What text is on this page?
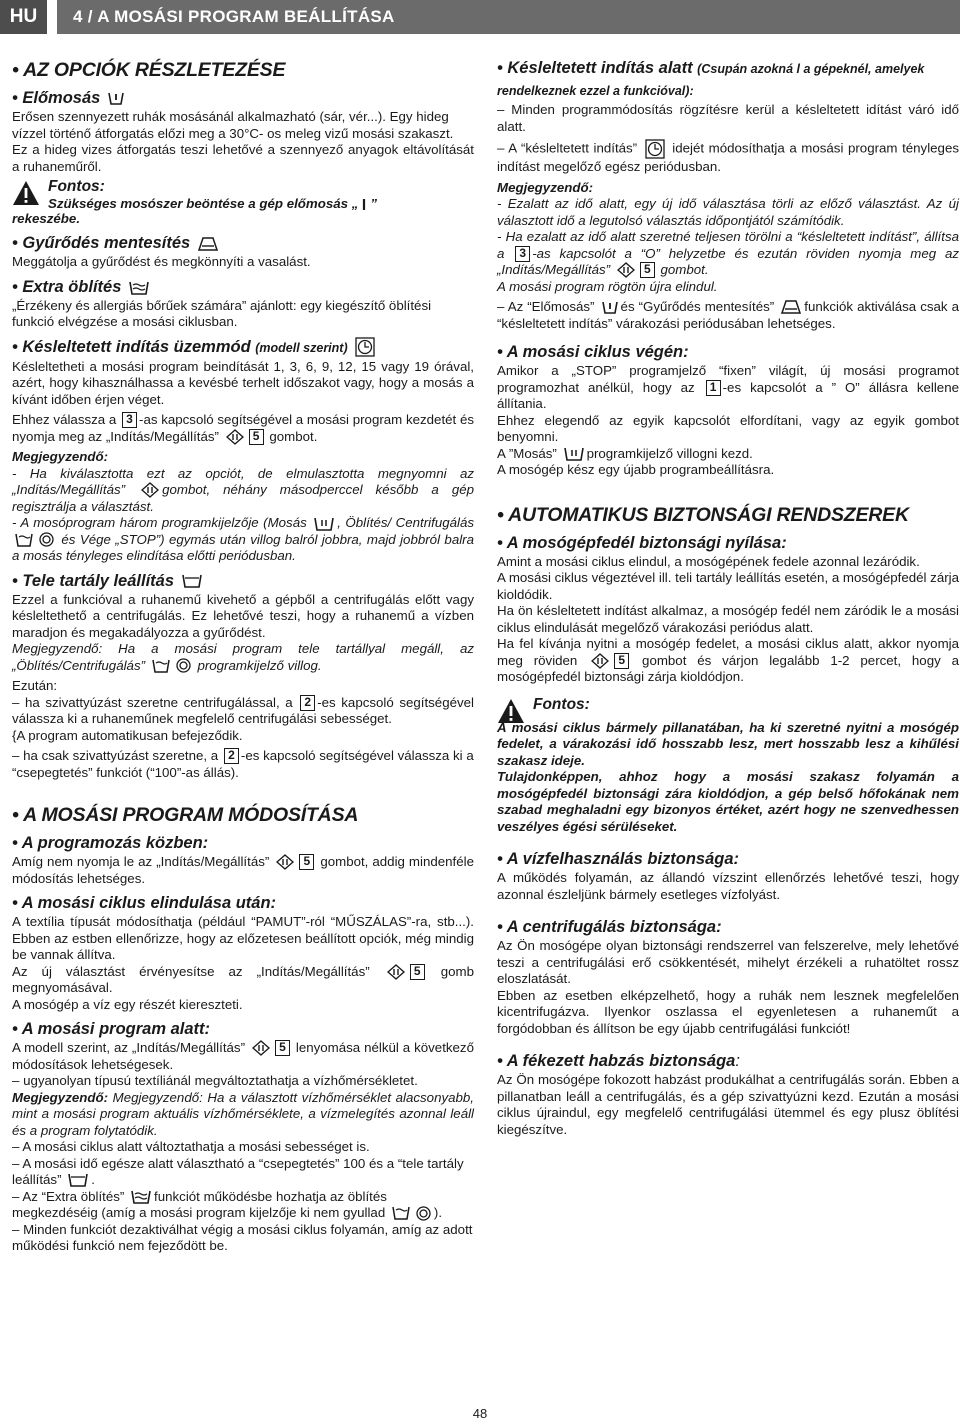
HU	4 / A MOSÁSI PROGRAM BEÁLLÍTÁSA
• AZ OPCIÓK RÉSZLETEZÉSE
• Előmosás

Erősen szennyezett ruhák mosásánál alkalmazható (sár, vér...). Egy hideg vízzel történő átforgatás előzi meg a 30°C- os meleg vizű mosási szakaszt.

Ez a hideg vizes átforgatás teszi lehetővé a szennyező anyagok eltávolítását a ruhaneműről.

Fontos:
Szükséges mosószer beöntése a gép előmosás „ ”
rekeszébe.
• Gyűrődés mentesítés

Meggátolja a gyűrődést és megkönnyíti a vasalást.

• Extra öblítés

„Érzékeny és allergiás bőrűek számára” ajánlott: egy kiegészítő öblítési funkció elvégzése a mosási ciklusban.

• Késleltetett indítás üzemmód (modell szerint)

Késleltetheti a mosási program beindítását 1, 3, 6, 9, 12, 15 vagy 19 órával, azért, hogy kihasználhassa a kevésbé terhelt időszakot vagy, hogy a mosás a kívánt időben érjen véget.

Ehhez válassza a 3 -as kapcsoló segítségével a mosási program kezdetét és nyomja meg az „Indítás/Megállítás”	5 gombot.

Megjegyzendő:

- Ha kiválasztotta ezt az opciót, de elmulasztotta megnyomni az „Indítás/Megállítás”	gombot, néhány másodperccel később a gép regisztrálja a választást.

- A mosóprogram három programkijelzője (Mosás , Öblítés/ Centrifugálás
és Vége „STOP”) egymás után villog balról jobbra, majd jobbról balra a mosás tényleges elindítása előtti periódusban.

• Tele tartály leállítás

Ezzel a funkcióval a ruhanemű kivehető a gépből a centrifugálás előtt vagy késleltethető a centrifugálás. Ez lehetővé teszi, hogy a ruhanemű a vízben maradjon és megakadályozza a gyűrődést.

Megjegyzendő: Ha a mosási program tele tartállyal megáll, az „Öblítés/Centrifugálás”	programkijelző villog.

Ezután:

– ha szivattyúzást szeretne centrifugálással, a 2 -es kapcsoló segítségével válassza ki a ruhaneműnek megfelelő centrifugálási sebességet.

{A program automatikusan befejeződik.

– ha csak szivattyúzást szeretne, a 2 -es kapcsoló segítségével válassza ki a “csepegtetés” funkciót (“100”-as állás).

• A MOSÁSI PROGRAM MÓDOSÍTÁSA
• A programozás közben:

Amíg nem nyomja le az „Indítás/Megállítás”	5 gombot, addig mindenféle módosítás lehetséges.

• A mosási ciklus elindulása után:

A textília típusát módosíthatja (például “PAMUT”-ról “MŰSZÁLAS”-ra, stb...). Ebben az estben ellenőrizze, hogy az előzetesen beállított opciók, még mindig be vannak állítva.

Az új választást érvényesítse az „Indítás/Megállítás”	5 gomb megnyomásával.

A mosógép a víz egy részét kiereszteti.

• A mosási program alatt:

A modell szerint, az „Indítás/Megállítás”	5 lenyomása nélkül a következő módosítások lehetségesek.

– ugyanolyan típusú textíliánál megváltoztathatja a vízhőmérsékletet.

Megjegyzendő: Megjegyzendő: Ha a választott vízhőmérséklet alacsonyabb, mint a mosási program aktuális vízhőmérséklete, a vízmelegítés azonnal leáll és a program folytatódik.

– A mosási ciklus alatt változtathatja a mosási sebességet is.

– A mosási idő egésze alatt választható a “csepegtetés” 100 és a “tele tartály leállítás” .

– Az “Extra öblítés” funkciót működésbe hozhatja az öblítés megkezdéséig (amíg a mosási program kijelzője ki nem gyullad	).

– Minden funkciót dezaktiválhat végig a mosási ciklus folyamán, amíg az adott működési funkció nem fejeződött be.

• Késleltetett indítás alatt (Csupán azokná l a gépeknél, amelyek rendelkeznek ezzel a funkcióval):

– Minden programmódosítás rögzítésre kerül a késleltetett idítást váró idő alatt.

– A “késleltetett indítás”	idejét módosíthatja a mosási program tényleges indítást megelőző egész periódusban.

Megjegyzendő:

- Ezalatt az idő alatt, egy új idő választása törli az előző választást. Az új választott idő a legutolsó választás időpontjától számítódik.

- Ha ezalatt az idő alatt szeretné teljesen törölni a “késleltetett indítást”, állítsa a 3 -as kapcsolót a “O” helyzetbe és ezután röviden nyomja meg az „Indítás/Megállítás”	5 gombot.

A mosási program rögtön újra elindul.

– Az “Előmosás” és “Gyűrődés mentesítés” funkciók aktiválása csak a “késleltetett indítás” várakozási periódusában lehetséges.

• A mosási ciklus végén:

Amikor a „STOP” programjelző “fixen” világít, új mosási programot programozhat anélkül, hogy az 1 -es kapcsolót a ” O” állásra kellene állítania.

Ehhez elegendő az egyik kapcsolót elfordítani, vagy az egyik gombot benyomni.

A ”Mosás” programkijelző villogni kezd.

A mosógép kész egy újabb programbeállításra.

• AUTOMATIKUS BIZTONSÁGI RENDSZEREK
• A mosógépfedél biztonsági nyílása:

Amint a mosási ciklus elindul, a mosógépének fedele azonnal lezáródik.

A mosási ciklus végeztével ill. teli tartály leállítás esetén, a mosógépfedél zárja kioldódik.

Ha ön késleltetett indítást alkalmaz, a mosógép fedél nem záródik le a mosási ciklus elindulását megelőző várakozási periódus alatt.

Ha fel kívánja nyitni a mosógép fedelet, a mosási ciklus alatt, akkor nyomja meg röviden	5 gombot és várjon legalább 1-2 percet, hogy a mosógépfedél biztonsági zárja kioldódjon.

Fontos:

A mosási ciklus bármely pillanatában, ha ki szeretné nyitni a mosógép fedelet, a várakozási idő hosszabb lesz, mert hosszabb lesz a kihűlési szakasz ideje.

Tulajdonképpen, ahhoz hogy a mosási szakasz folyamán a mosógépfedél biztonsági zára kioldódjon, a gép belső hőfokának nem szabad meghaladni egy bizonyos értéket, azért hogy ne szenvedhessen veszélyes égési sérüléseket.

• A vízfelhasználás biztonsága:

A működés folyamán, az állandó vízszint ellenőrzés lehetővé teszi, hogy azonnal észleljünk bármely esetleges vízfolyást.

• A centrifugálás biztonsága:

Az Ön mosógépe olyan biztonsági rendszerrel van felszerelve, mely lehetővé teszi a centrifugálási erő csökkentését, mihelyt érzékeli a ruhatöltet rossz eloszlatását.

Ebben az esetben elképzelhető, hogy a ruhák nem lesznek megfelelően kicentrifugázva. Ilyenkor oszlassa el egyenletesen a ruhaneműt a forgódobban és állítson be egy újabb centrifugálási funkciót!

• A fékezett habzás biztonsága:

Az Ön mosógépe fokozott habzást produkálhat a centrifugálás során. Ebben a pillanatban leáll a centrifugálás, és a gép szivattyúzni kezd. Ezután a mosási ciklus újraindul, egy megfelelő centrifugálási ütemmel és egy plusz öblítési kiegészítve.

48
